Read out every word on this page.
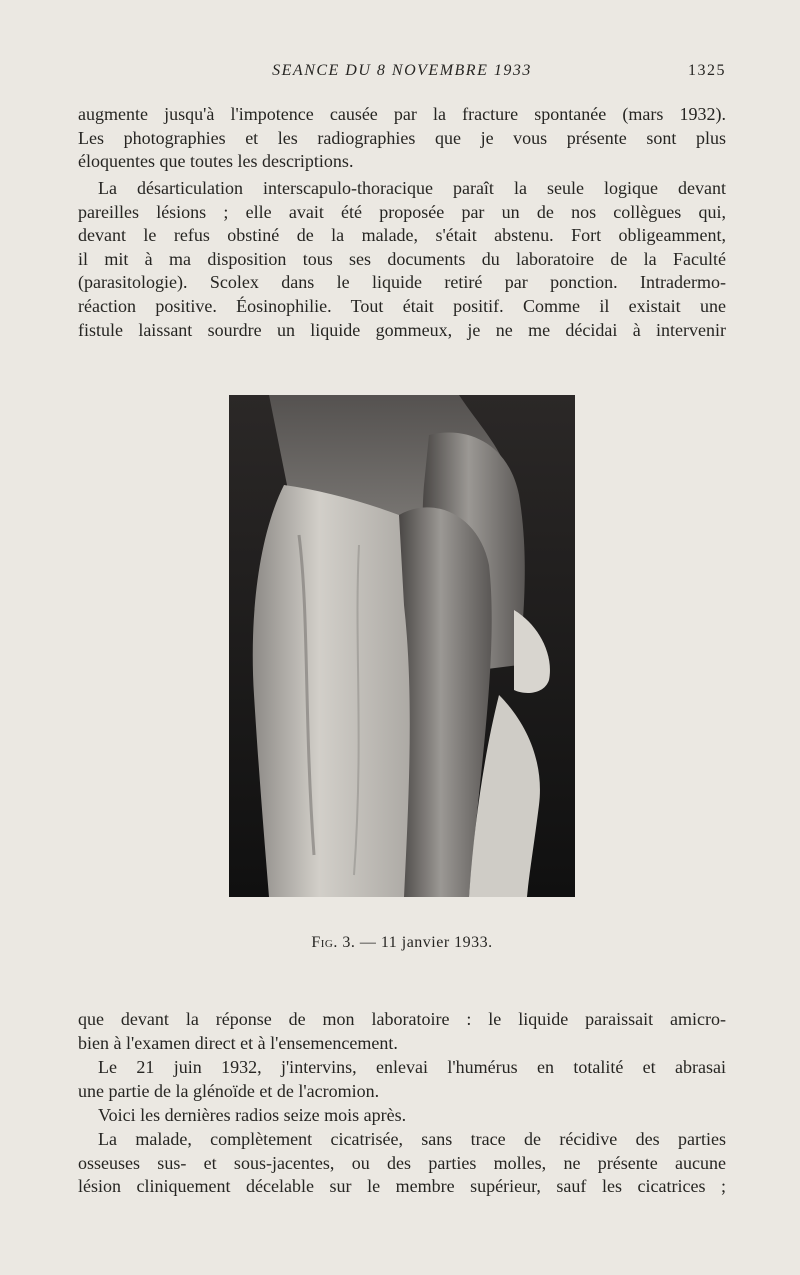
SEANCE DU 8 NOVEMBRE 1933	1325

augmente jusqu'à l'impotence causée par la fracture spontanée (mars 1932).
Les photographies et les radiographies que je vous présente sont plus
éloquentes que toutes les descriptions.

La désarticulation interscapulo-thoracique paraît la seule logique devant
pareilles lésions ; elle avait été proposée par un de nos collègues qui,
devant le refus obstiné de la malade, s'était abstenu. Fort obligeamment,
il mit à ma disposition tous ses documents du laboratoire de la Faculté
(parasitologie). Scolex dans le liquide retiré par ponction. Intradermo-
réaction positive. Éosinophilie. Tout était positif. Comme il existait une
fistule laissant sourdre un liquide gommeux, je ne me décidai à intervenir

Fig. 3. — 11 janvier 1933.

que devant la réponse de mon laboratoire : le liquide paraissait amicro-
bien à l'examen direct et à l'ensemencement.

Le 21 juin 1932, j'intervins, enlevai l'humérus en totalité et abrasai
une partie de la glénoïde et de l'acromion.

Voici les dernières radios seize mois après.

La malade, complètement cicatrisée, sans trace de récidive des parties
osseuses sus- et sous-jacentes, ou des parties molles, ne présente aucune
lésion cliniquement décelable sur le membre supérieur, sauf les cicatrices ;
